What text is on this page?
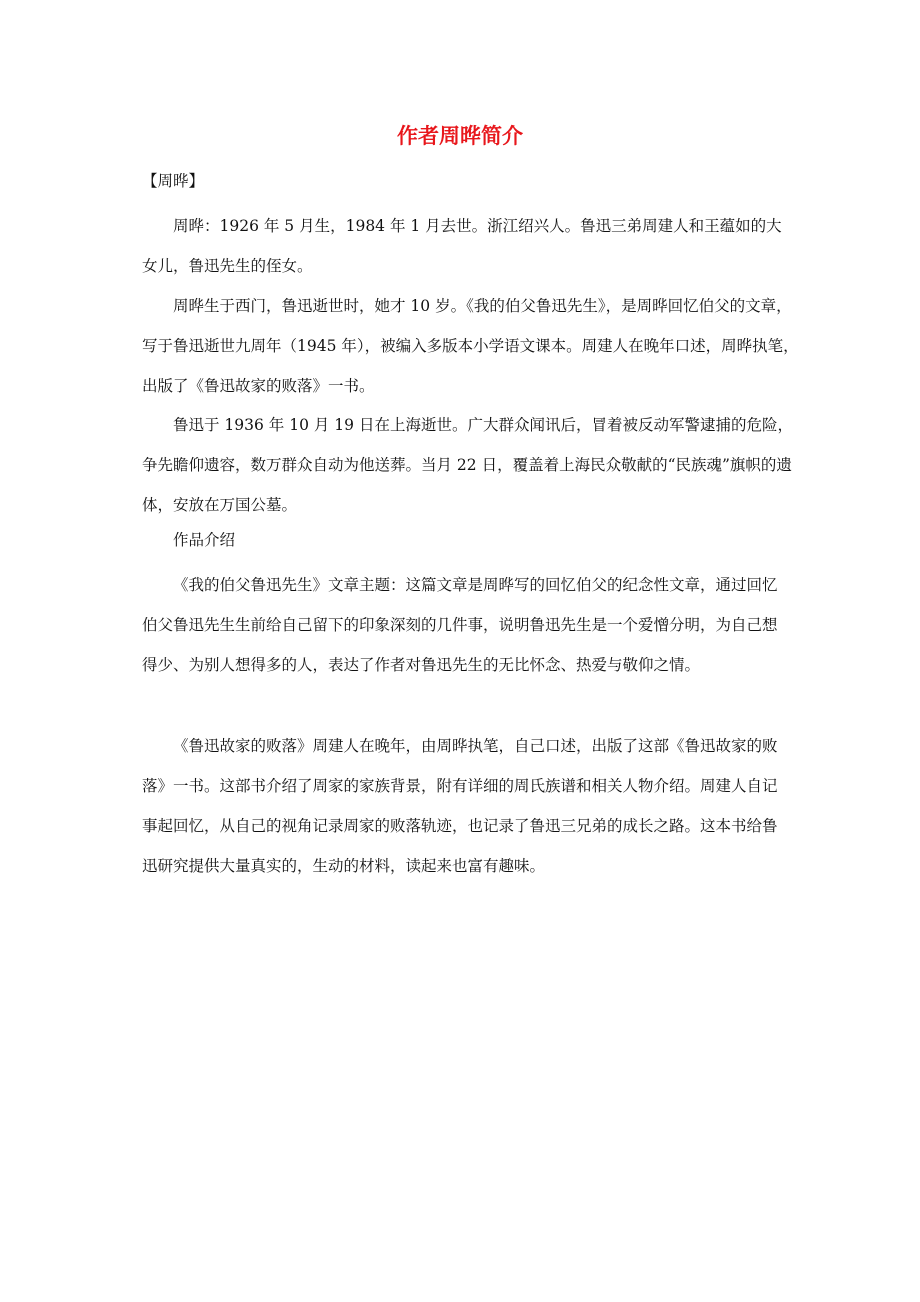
作者周晔简介
【周晔】
周晔：1926 年 5 月生，1984 年 1 月去世。浙江绍兴人。鲁迅三弟周建人和王蕴如的大女儿，鲁迅先生的侄女。
周晔生于西门，鲁迅逝世时，她才 10 岁。《我的伯父鲁迅先生》，是周晔回忆伯父的文章，写于鲁迅逝世九周年（1945 年），被编入多版本小学语文课本。周建人在晚年口述，周晔执笔，出版了《鲁迅故家的败落》一书。
鲁迅于 1936 年 10 月 19 日在上海逝世。广大群众闻讯后，冒着被反动军警逮捕的危险，争先瞻仰遗容，数万群众自动为他送葬。当月 22 日，覆盖着上海民众敬献的“民族魂”旗帜的遗体，安放在万国公墓。
作品介绍
《我的伯父鲁迅先生》文章主题：这篇文章是周晔写的回忆伯父的纪念性文章，通过回忆伯父鲁迅先生生前给自己留下的印象深刻的几件事，说明鲁迅先生是一个爱憎分明，为自己想得少、为别人想得多的人，表达了作者对鲁迅先生的无比怀念、热爱与敬仰之情。
《鲁迅故家的败落》周建人在晚年，由周晔执笔，自己口述，出版了这部《鲁迅故家的败落》一书。这部书介绍了周家的家族背景，附有详细的周氏族谱和相关人物介绍。周建人自记事起回忆，从自己的视角记录周家的败落轨迹，也记录了鲁迅三兄弟的成长之路。这本书给鲁迅研究提供大量真实的，生动的材料，读起来也富有趣味。
